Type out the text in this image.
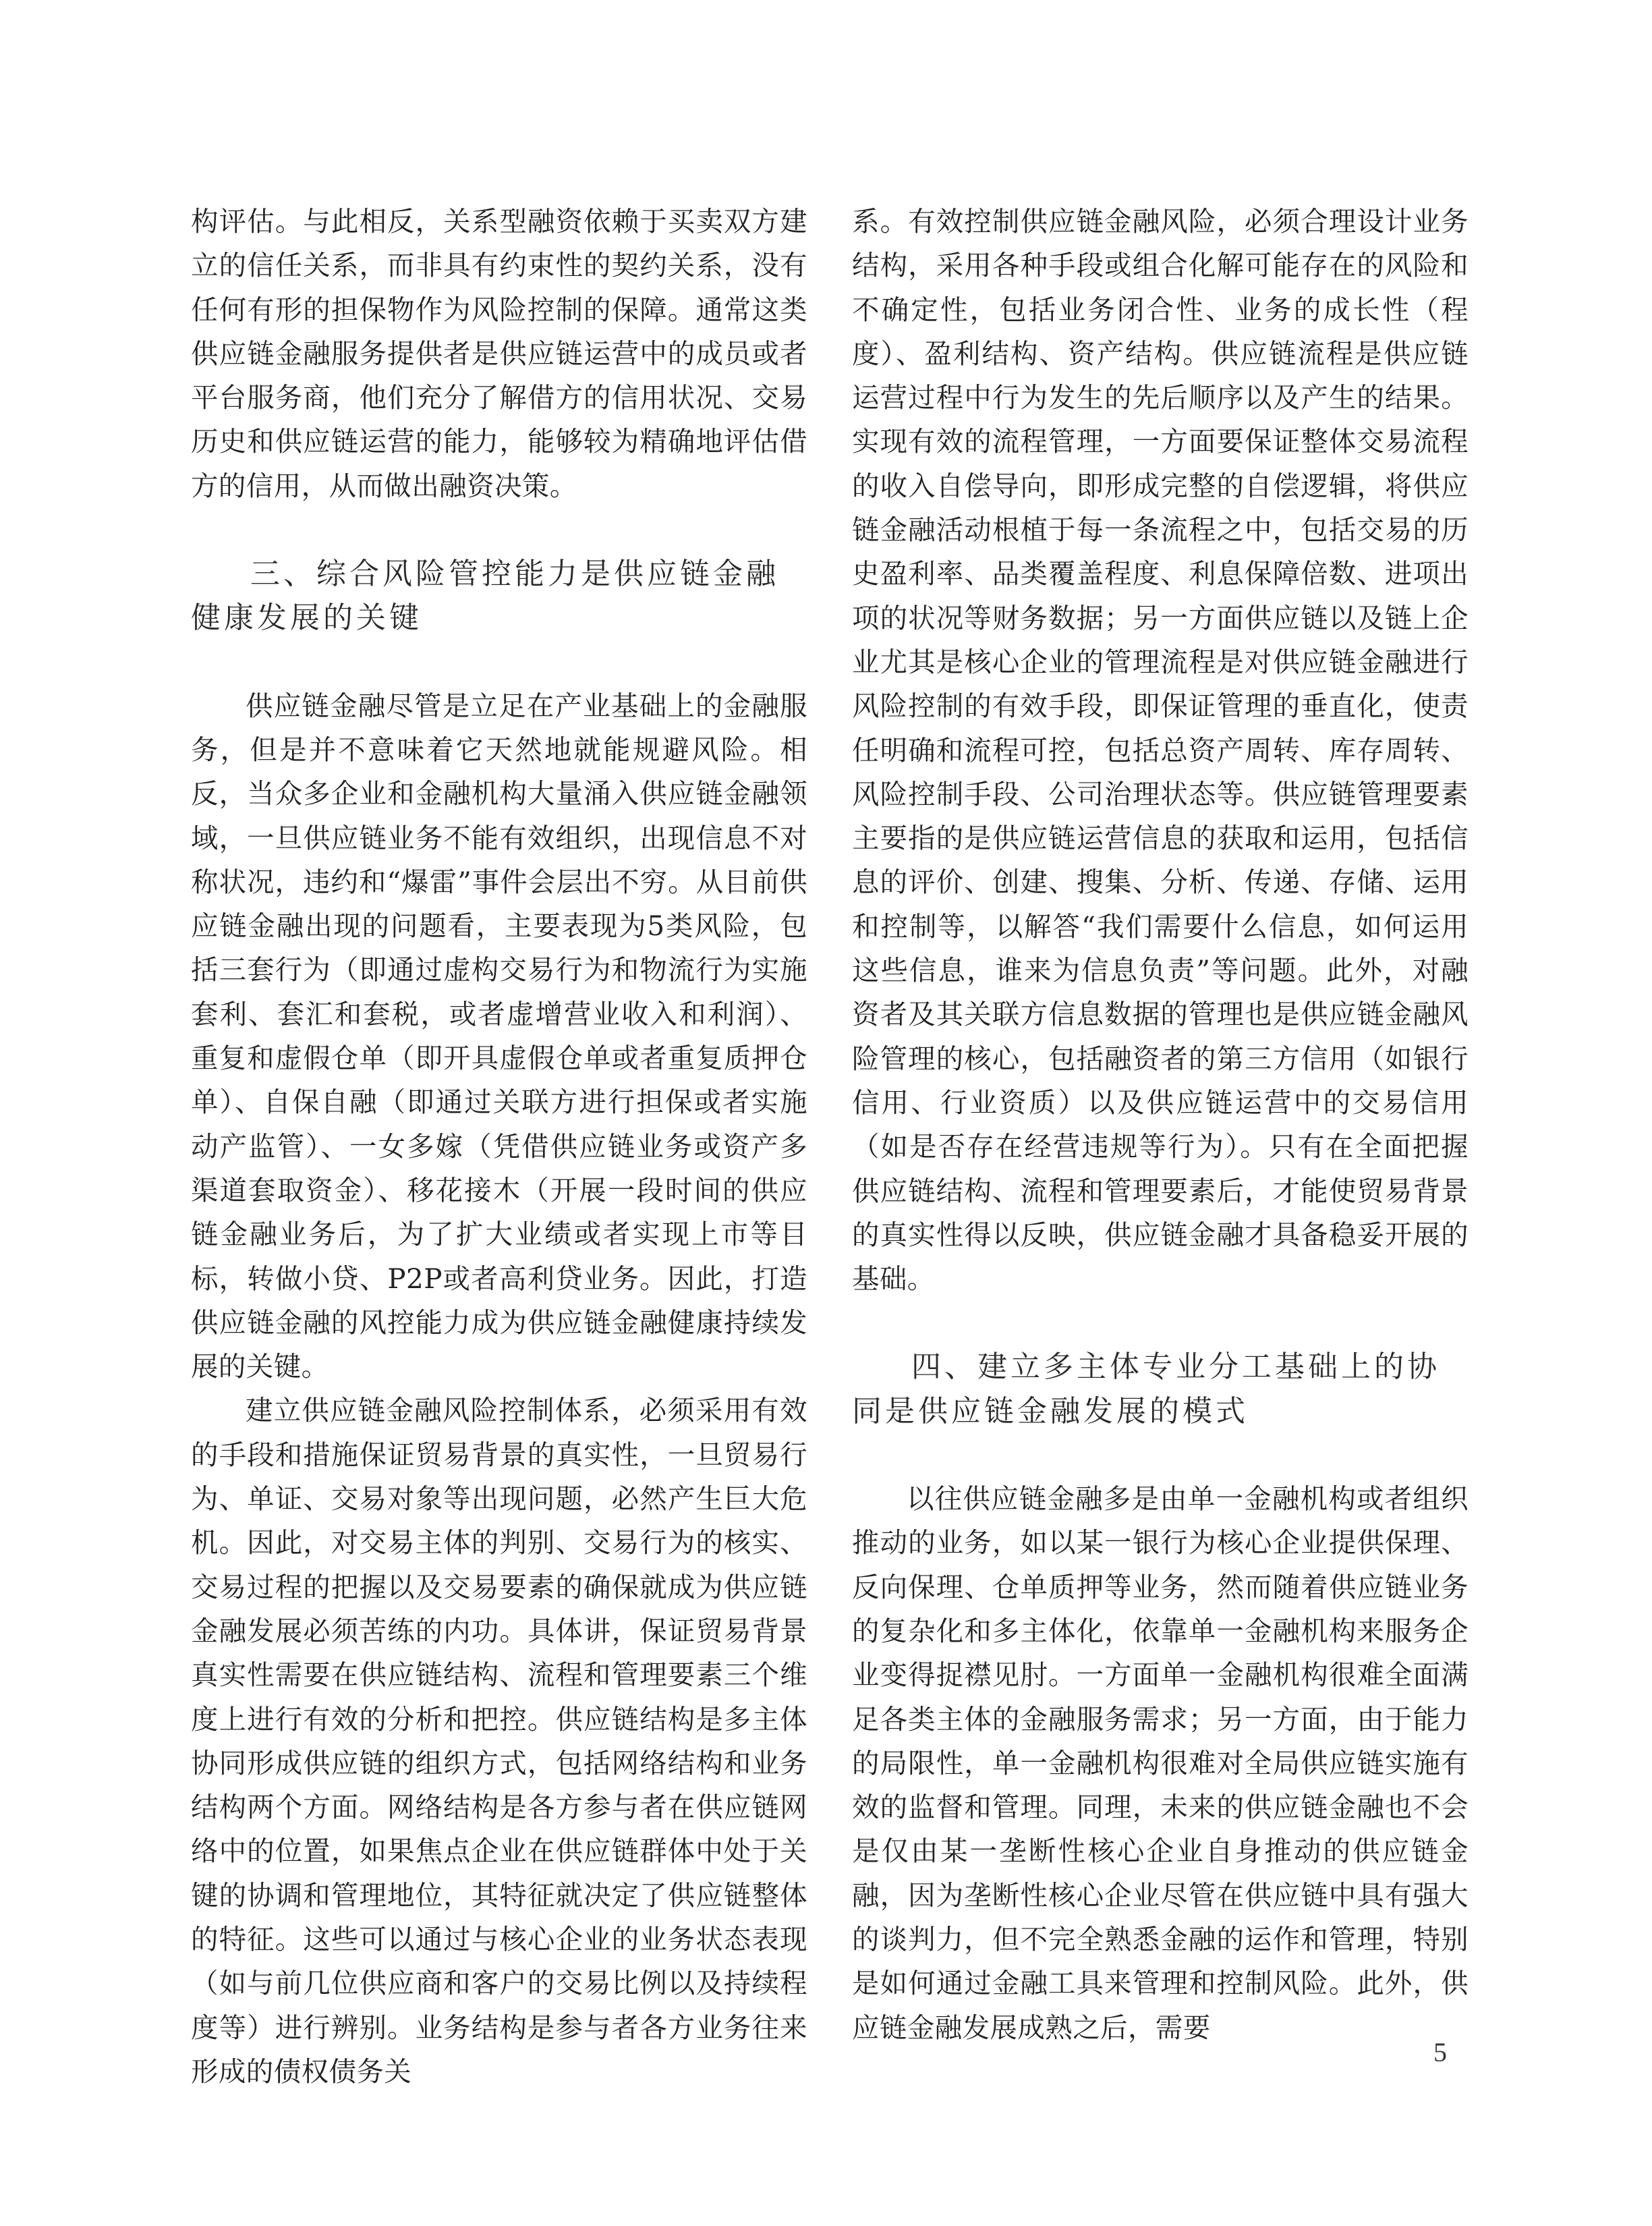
构评估。与此相反，关系型融资依赖于买卖双方建立的信任关系，而非具有约束性的契约关系，没有任何有形的担保物作为风险控制的保障。通常这类供应链金融服务提供者是供应链运营中的成员或者平台服务商，他们充分了解借方的信用状况、交易历史和供应链运营的能力，能够较为精确地评估借方的信用，从而做出融资决策。

三、综合风险管控能力是供应链金融健康发展的关键

供应链金融尽管是立足在产业基础上的金融服务，但是并不意味着它天然地就能规避风险。相反，当众多企业和金融机构大量涌入供应链金融领域，一旦供应链业务不能有效组织，出现信息不对称状况，违约和“爆雷”事件会层出不穷。从目前供应链金融出现的问题看，主要表现为5类风险，包括三套行为（即通过虚构交易行为和物流行为实施套利、套汇和套税，或者虚增营业收入和利润）、重复和虚假仓单（即开具虚假仓单或者重复质押仓单）、自保自融（即通过关联方进行担保或者实施动产监管）、一女多嫁（凭借供应链业务或资产多渠道套取资金）、移花接木（开展一段时间的供应链金融业务后，为了扩大业绩或者实现上市等目标，转做小贷、P2P或者高利贷业务。因此，打造供应链金融的风控能力成为供应链金融健康持续发展的关键。

建立供应链金融风险控制体系，必须采用有效的手段和措施保证贸易背景的真实性，一旦贸易行为、单证、交易对象等出现问题，必然产生巨大危机。因此，对交易主体的判别、交易行为的核实、交易过程的把握以及交易要素的确保就成为供应链金融发展必须苦练的内功。具体讲，保证贸易背景真实性需要在供应链结构、流程和管理要素三个维度上进行有效的分析和把控。供应链结构是多主体协同形成供应链的组织方式，包括网络结构和业务结构两个方面。网络结构是各方参与者在供应链网络中的位置，如果焦点企业在供应链群体中处于关键的协调和管理地位，其特征就决定了供应链整体的特征。这些可以通过与核心企业的业务状态表现（如与前几位供应商和客户的交易比例以及持续程度等）进行辨别。业务结构是参与者各方业务往来形成的债权债务关

系。有效控制供应链金融风险，必须合理设计业务结构，采用各种手段或组合化解可能存在的风险和不确定性，包括业务闭合性、业务的成长性（程度）、盈利结构、资产结构。供应链流程是供应链运营过程中行为发生的先后顺序以及产生的结果。实现有效的流程管理，一方面要保证整体交易流程的收入自偿导向，即形成完整的自偿逻辑，将供应链金融活动根植于每一条流程之中，包括交易的历史盈利率、品类覆盖程度、利息保障倍数、进项出项的状况等财务数据；另一方面供应链以及链上企业尤其是核心企业的管理流程是对供应链金融进行风险控制的有效手段，即保证管理的垂直化，使责任明确和流程可控，包括总资产周转、库存周转、风险控制手段、公司治理状态等。供应链管理要素主要指的是供应链运营信息的获取和运用，包括信息的评价、创建、搜集、分析、传递、存储、运用和控制等，以解答“我们需要什么信息，如何运用这些信息，谁来为信息负责”等问题。此外，对融资者及其关联方信息数据的管理也是供应链金融风险管理的核心，包括融资者的第三方信用（如银行信用、行业资质）以及供应链运营中的交易信用（如是否存在经营违规等行为）。只有在全面把握供应链结构、流程和管理要素后，才能使贸易背景的真实性得以反映，供应链金融才具备稳妥开展的基础。

四、建立多主体专业分工基础上的协同是供应链金融发展的模式

以往供应链金融多是由单一金融机构或者组织推动的业务，如以某一银行为核心企业提供保理、反向保理、仓单质押等业务，然而随着供应链业务的复杂化和多主体化，依靠单一金融机构来服务企业变得捉襟见肘。一方面单一金融机构很难全面满足各类主体的金融服务需求；另一方面，由于能力的局限性，单一金融机构很难对全局供应链实施有效的监督和管理。同理，未来的供应链金融也不会是仅由某一垄断性核心企业自身推动的供应链金融，因为垄断性核心企业尽管在供应链中具有强大的谈判力，但不完全熟悉金融的运作和管理，特别是如何通过金融工具来管理和控制风险。此外，供应链金融发展成熟之后，需要

5
